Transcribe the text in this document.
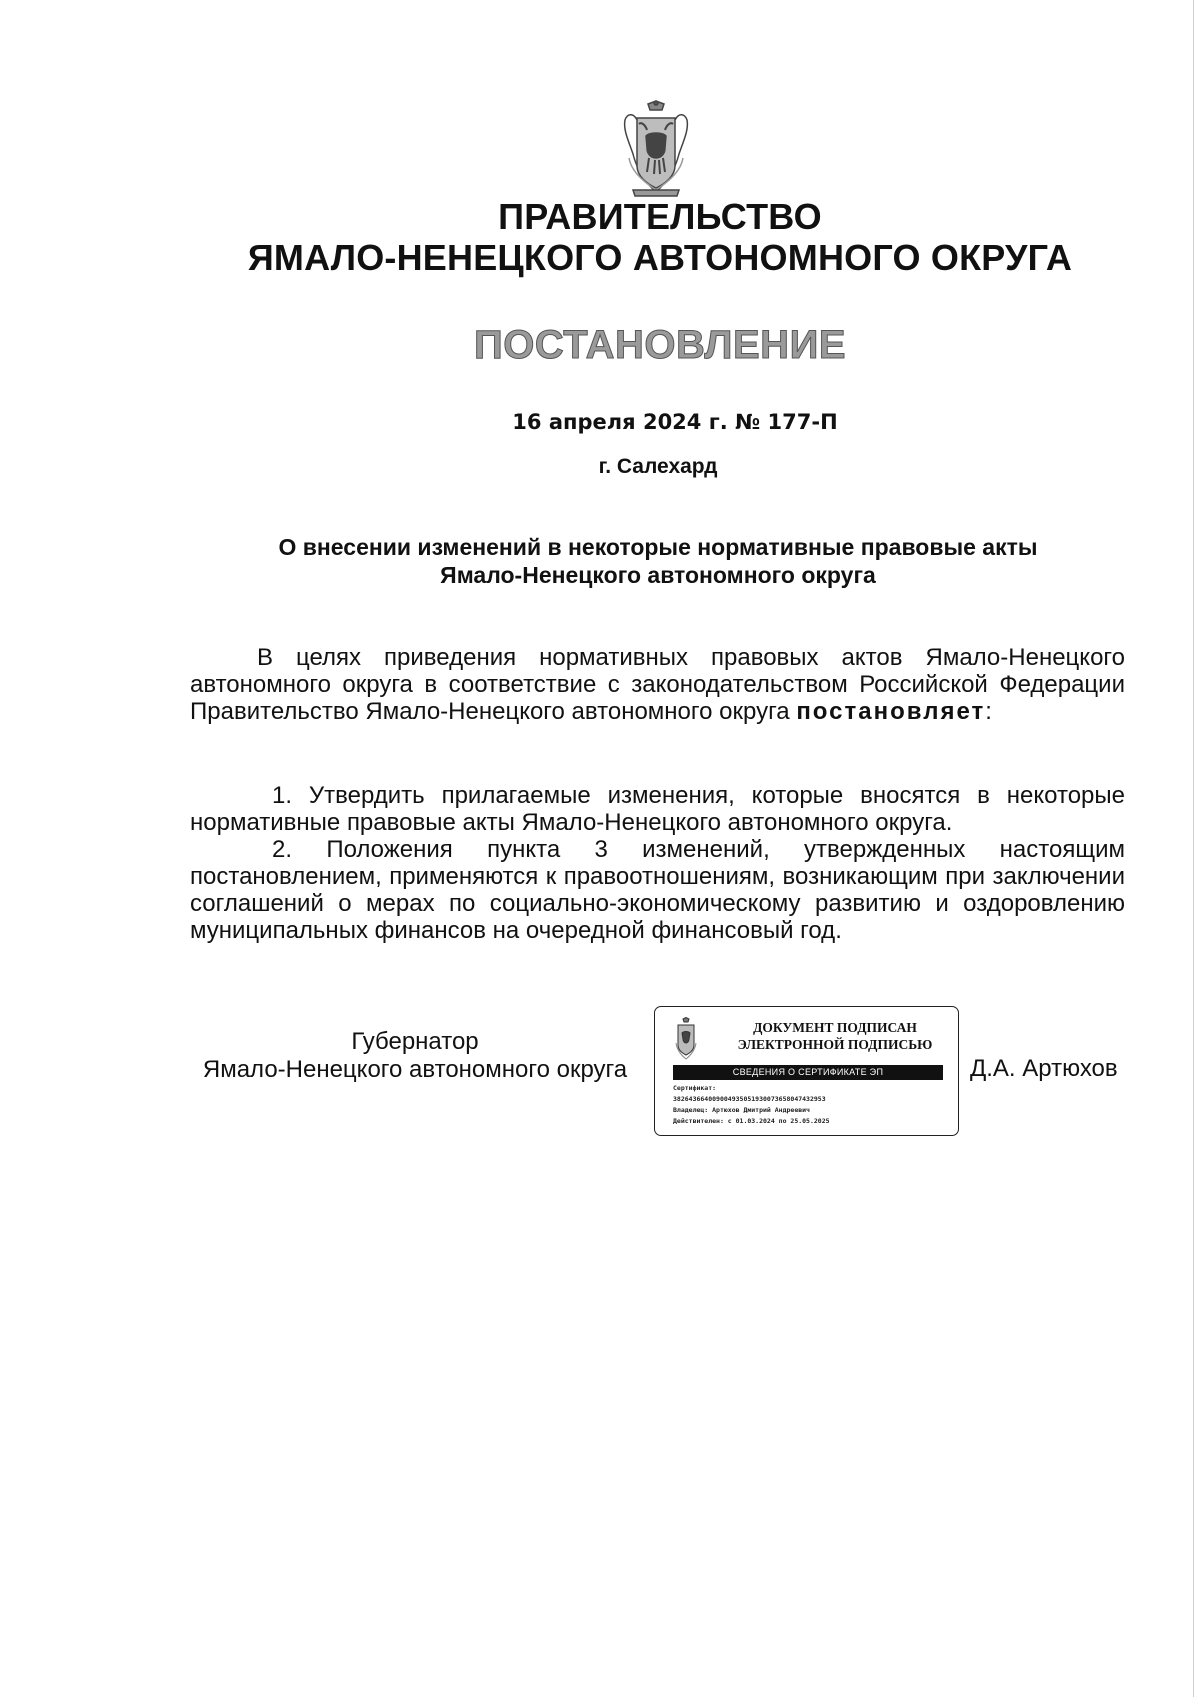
ПРАВИТЕЛЬСТВО
ЯМАЛО-НЕНЕЦКОГО АВТОНОМНОГО ОКРУГА
ПОСТАНОВЛЕНИЕ
16 апреля 2024 г. № 177-П
г. Салехард
О внесении изменений в некоторые нормативные правовые акты
Ямало-Ненецкого автономного округа

В целях приведения нормативных правовых актов Ямало-Ненецкого автономного округа в соответствие с законодательством Российской Федерации Правительство Ямало-Ненецкого автономного округа постановляет:

1. Утвердить прилагаемые изменения, которые вносятся в некоторые нормативные правовые акты Ямало-Ненецкого автономного округа.

2. Положения пункта 3 изменений, утвержденных настоящим постановлением, применяются к правоотношениям, возникающим при заключении соглашений о мерах по социально-экономическому развитию и оздоровлению муниципальных финансов на очередной финансовый год.

Губернатор
Ямало-Ненецкого автономного округа
ДОКУМЕНТ ПОДПИСАН
ЭЛЕКТРОННОЙ ПОДПИСЬЮ
СВЕДЕНИЯ О СЕРТИФИКАТЕ ЭП
Сертификат:
382643664009004935051930073658047432953
Владелец: Артюхов Дмитрий Андреевич
Действителен: с 01.03.2024 по 25.05.2025
Д.А. Артюхов
